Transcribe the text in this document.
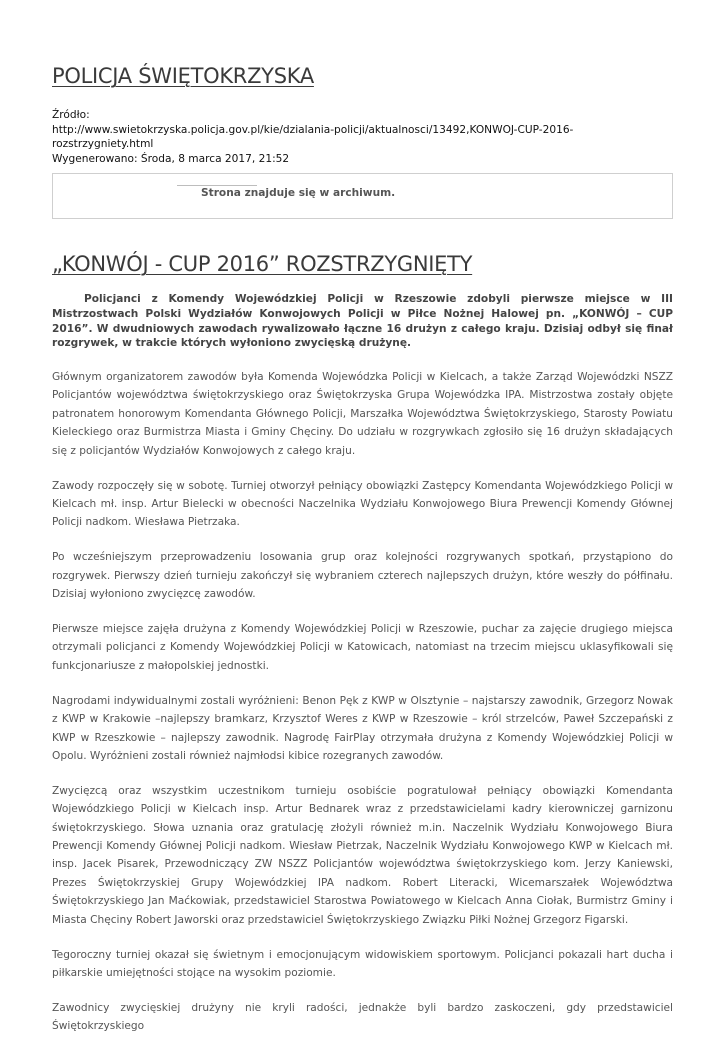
POLICJA ŚWIĘTOKRZYSKA
Źródło:
http://www.swietokrzyska.policja.gov.pl/kie/dzialania-policji/aktualnosci/13492,KONWOJ-CUP-2016-rozstrzygniety.html
Wygenerowano: Środa, 8 marca 2017, 21:52
Strona znajduje się w archiwum.
„KONWÓJ - CUP 2016” ROZSTRZYGNIĘTY
Policjanci z Komendy Wojewódzkiej Policji w Rzeszowie zdobyli pierwsze miejsce w III Mistrzostwach Polski Wydziałów Konwojowych Policji w Piłce Nożnej Halowej pn. „KONWÓJ – CUP 2016”. W dwudniowych zawodach rywalizowało łączne 16 drużyn z całego kraju. Dzisiaj odbył się finał rozgrywek, w trakcie których wyłoniono zwycięską drużynę.

Głównym organizatorem zawodów była Komenda Wojewódzka Policji w Kielcach, a także Zarząd Wojewódzki NSZZ Policjantów województwa świętokrzyskiego oraz Świętokrzyska Grupa Wojewódzka IPA. Mistrzostwa zostały objęte patronatem honorowym Komendanta Głównego Policji, Marszałka Województwa Świętokrzyskiego, Starosty Powiatu Kieleckiego oraz Burmistrza Miasta i Gminy Chęciny. Do udziału w rozgrywkach zgłosiło się 16 drużyn składających się z policjantów Wydziałów Konwojowych z całego kraju.

Zawody rozpoczęły się w sobotę. Turniej otworzył pełniący obowiązki Zastępcy Komendanta Wojewódzkiego Policji w Kielcach mł. insp. Artur Bielecki w obecności Naczelnika Wydziału Konwojowego Biura Prewencji Komendy Głównej Policji nadkom. Wiesława Pietrzaka.

Po wcześniejszym przeprowadzeniu losowania grup oraz kolejności rozgrywanych spotkań, przystąpiono do rozgrywek. Pierwszy dzień turnieju zakończył się wybraniem czterech najlepszych drużyn, które weszły do półfinału. Dzisiaj wyłoniono zwycięzcę zawodów.

Pierwsze miejsce zajęła drużyna z Komendy Wojewódzkiej Policji w Rzeszowie, puchar za zajęcie drugiego miejsca otrzymali policjanci z Komendy Wojewódzkiej Policji w Katowicach, natomiast na trzecim miejscu uklasyfikowali się funkcjonariusze z małopolskiej jednostki.

Nagrodami indywidualnymi zostali wyróżnieni: Benon Pęk z KWP w Olsztynie – najstarszy zawodnik, Grzegorz Nowak z KWP w Krakowie –najlepszy bramkarz, Krzysztof Weres z KWP w Rzeszowie – król strzelców, Paweł Szczepański z KWP w Rzeszkowie – najlepszy zawodnik. Nagrodę FairPlay otrzymała drużyna z Komendy Wojewódzkiej Policji w Opolu. Wyróżnieni zostali również najmłodsi kibice rozegranych zawodów.

Zwycięzcą oraz wszystkim uczestnikom turnieju osobiście pogratulował pełniący obowiązki Komendanta Wojewódzkiego Policji w Kielcach insp. Artur Bednarek wraz z przedstawicielami kadry kierowniczej garnizonu świętokrzyskiego. Słowa uznania oraz gratulację złożyli również m.in. Naczelnik Wydziału Konwojowego Biura Prewencji Komendy Głównej Policji nadkom. Wiesław Pietrzak, Naczelnik Wydziału Konwojowego KWP w Kielcach mł. insp. Jacek Pisarek, Przewodniczący ZW NSZZ Policjantów województwa świętokrzyskiego kom. Jerzy Kaniewski, Prezes Świętokrzyskiej Grupy Wojewódzkiej IPA nadkom. Robert Literacki, Wicemarszałek Województwa Świętokrzyskiego Jan Maćkowiak, przedstawiciel Starostwa Powiatowego w Kielcach Anna Ciołak, Burmistrz Gminy i Miasta Chęciny Robert Jaworski oraz przedstawiciel Świętokrzyskiego Związku Piłki Nożnej Grzegorz Figarski.

Tegoroczny turniej okazał się świetnym i emocjonującym widowiskiem sportowym. Policjanci pokazali hart ducha i piłkarskie umiejętności stojące na wysokim poziomie.

Zawodnicy zwycięskiej drużyny nie kryli radości, jednakże byli bardzo zaskoczeni, gdy przedstawiciel Świętokrzyskiego
